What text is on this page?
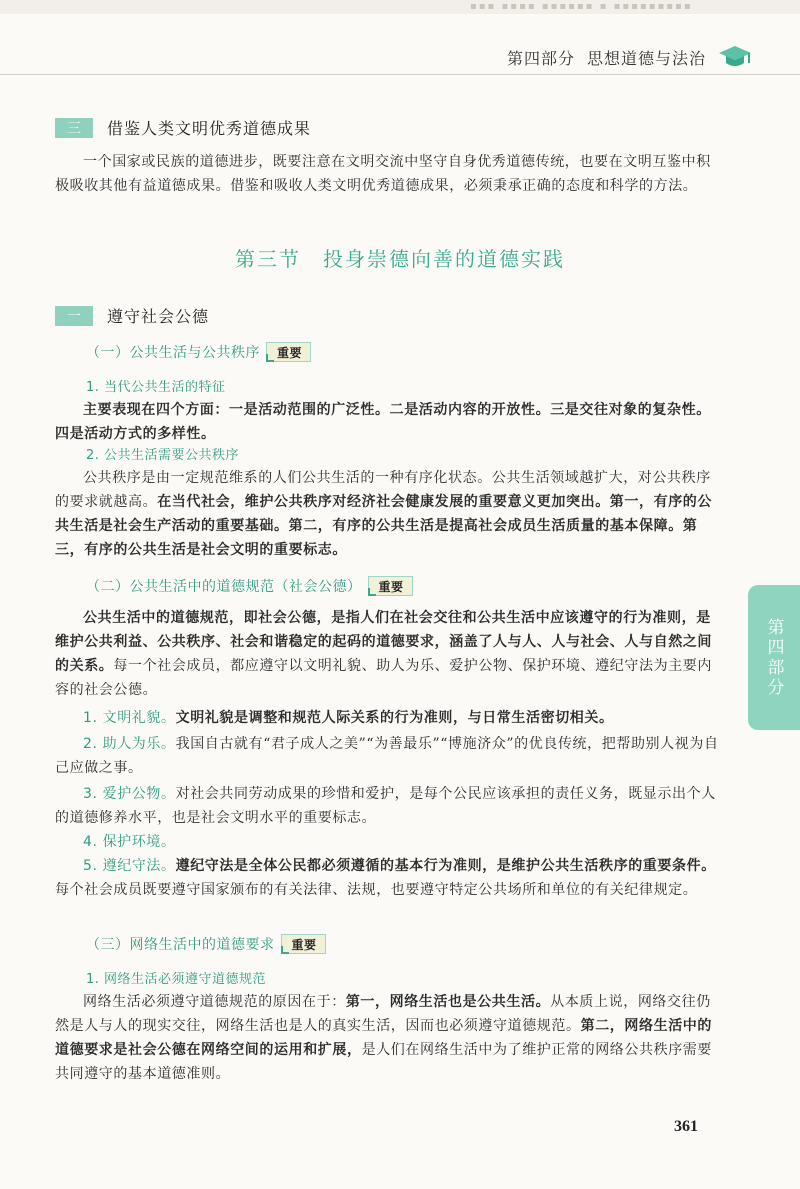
▪▪▪ ▪▪▪▪ ▪▪▪▪▪▪ ▪ ▪▪▪▪▪▪▪▪▪
第四部分 思想道德与法治
三	借鉴人类文明优秀道德成果

一个国家或民族的道德进步，既要注意在文明交流中坚守自身优秀道德传统，也要在文明互鉴中积极吸收其他有益道德成果。借鉴和吸收人类文明优秀道德成果，必须秉承正确的态度和科学的方法。

第三节　投身崇德向善的道德实践
一	遵守社会公德
（一）公共生活与公共秩序	重要
1. 当代公共生活的特征

主要表现在四个方面：一是活动范围的广泛性。二是活动内容的开放性。三是交往对象的复杂性。四是活动方式的多样性。

2. 公共生活需要公共秩序

公共秩序是由一定规范维系的人们公共生活的一种有序化状态。公共生活领域越扩大，对公共秩序的要求就越高。在当代社会，维护公共秩序对经济社会健康发展的重要意义更加突出。第一，有序的公共生活是社会生产活动的重要基础。第二，有序的公共生活是提高社会成员生活质量的基本保障。第三，有序的公共生活是社会文明的重要标志。

（二）公共生活中的道德规范（社会公德）	重要

公共生活中的道德规范，即社会公德，是指人们在社会交往和公共生活中应该遵守的行为准则，是维护公共利益、公共秩序、社会和谐稳定的起码的道德要求，涵盖了人与人、人与社会、人与自然之间的关系。每一个社会成员，都应遵守以文明礼貌、助人为乐、爱护公物、保护环境、遵纪守法为主要内容的社会公德。

1. 文明礼貌。文明礼貌是调整和规范人际关系的行为准则，与日常生活密切相关。

2. 助人为乐。我国自古就有“君子成人之美”“为善最乐”“博施济众”的优良传统，把帮助别人视为自己应做之事。

3. 爱护公物。对社会共同劳动成果的珍惜和爱护，是每个公民应该承担的责任义务，既显示出个人的道德修养水平，也是社会文明水平的重要标志。

4. 保护环境。

5. 遵纪守法。遵纪守法是全体公民都必须遵循的基本行为准则，是维护公共生活秩序的重要条件。每个社会成员既要遵守国家颁布的有关法律、法规，也要遵守特定公共场所和单位的有关纪律规定。

（三）网络生活中的道德要求	重要
1. 网络生活必须遵守道德规范

网络生活必须遵守道德规范的原因在于：第一，网络生活也是公共生活。从本质上说，网络交往仍然是人与人的现实交往，网络生活也是人的真实生活，因而也必须遵守道德规范。第二，网络生活中的道德要求是社会公德在网络空间的运用和扩展，是人们在网络生活中为了维护正常的网络公共秩序需要共同遵守的基本道德准则。

第四部分
361
